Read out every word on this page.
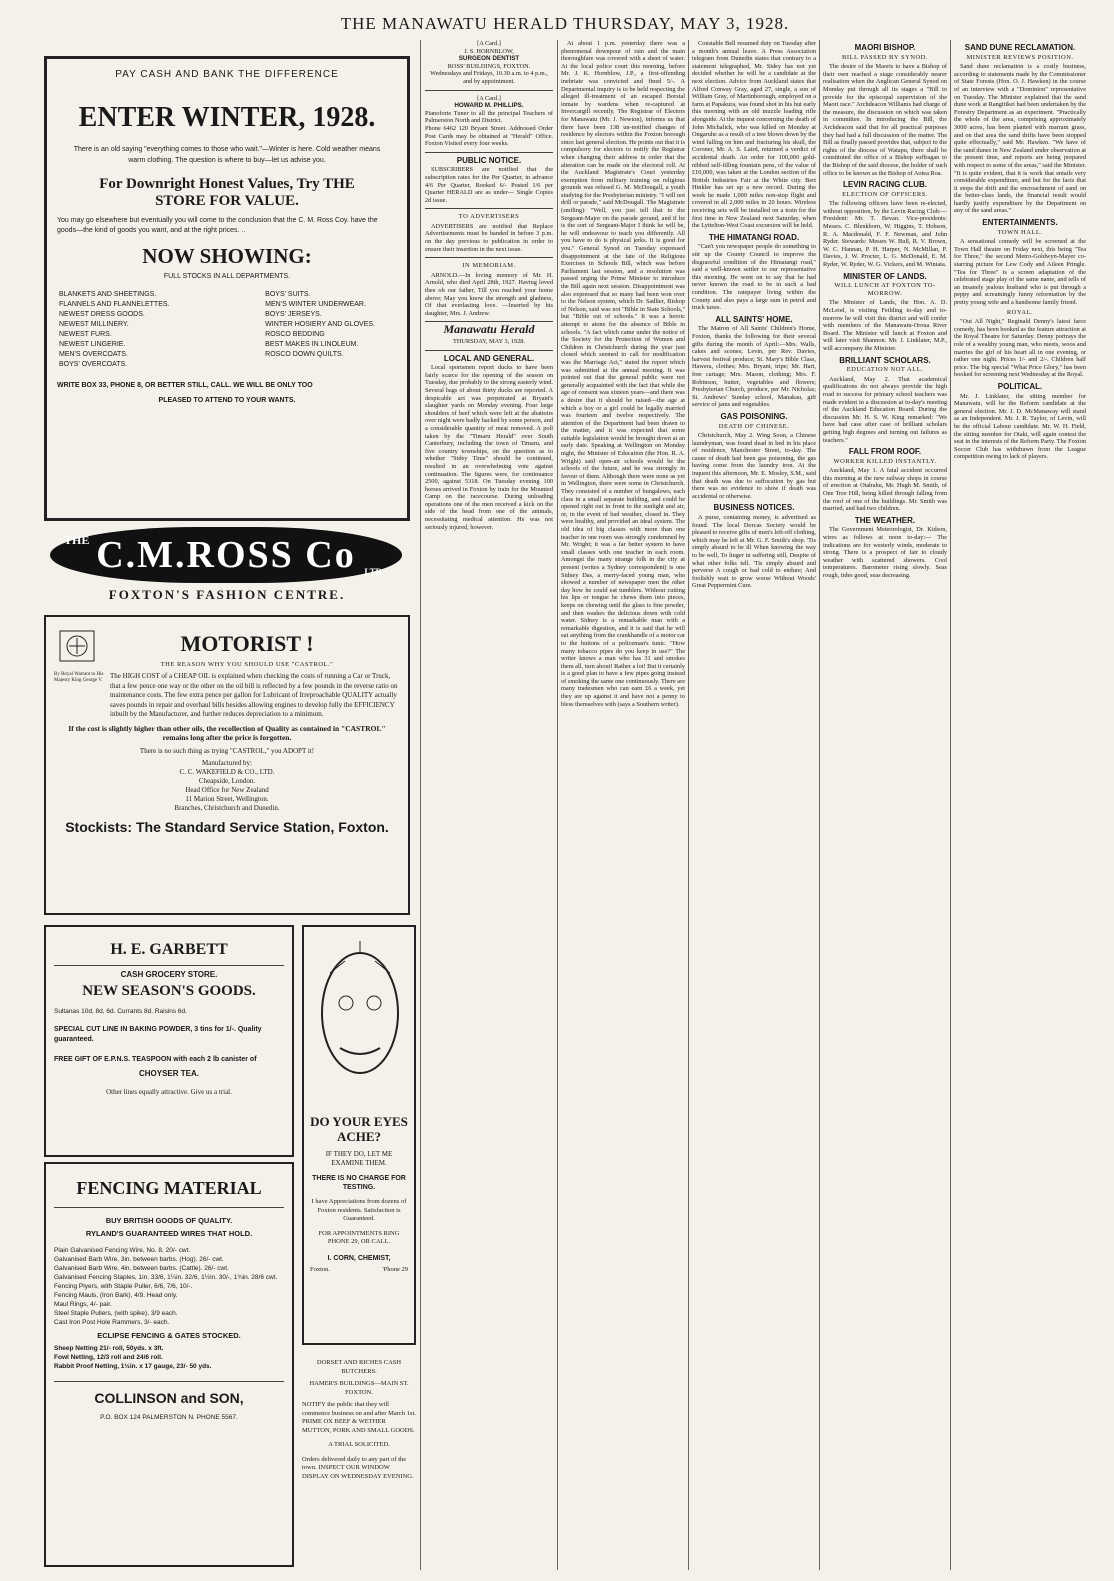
THE MANAWATU HERALD THURSDAY, MAY 3, 1928.
PAY CASH AND BANK THE DIFFERENCE
ENTER WINTER, 1928.
There is an old saying "everything comes to those who wait."—Winter is here. Cold weather means warm clothing. The question is where to buy—let us advise you.
For Downright Honest Values, Try THE
STORE FOR VALUE.
You may go elsewhere but eventually you will come to the conclusion that the C. M. Ross Coy. have the goods—the kind of goods you want, and at the right prices. ..
NOW SHOWING:
FULL STOCKS IN ALL DEPARTMENTS.
BLANKETS AND SHEETINGS.
FLANNELS AND FLANNELETTES.
NEWEST DRESS GOODS.
NEWEST MILLINERY.
NEWEST FURS.
NEWEST LINGERIE.
MEN'S OVERCOATS.
BOYS' OVERCOATS.
BOYS' SUITS.
MEN'S WINTER UNDERWEAR.
BOYS' JERSEYS.
WINTER HOSIERY AND GLOVES.
ROSCO BEDDING
BEST MAKES IN LINOLEUM.
ROSCO DOWN QUILTS.
WRITE BOX 33, PHONE 8, OR BETTER STILL, CALL. WE WILL BE ONLY TOO
PLEASED TO ATTEND TO YOUR WANTS.
THE C.M.ROSS Co LTD
FOXTON'S FASHION CENTRE.
By Royal Warrant to His Majesty King George V.
MOTORIST !
THE REASON WHY YOU SHOULD USE "CASTROL."
The HIGH COST of a CHEAP OIL is explained when checking the costs of running a Car or Truck, that a few pence one way or the other on the oil bill is reflected by a few pounds in the reverse ratio on maintenance costs. The few extra pence per gallon for Lubricant of Irreproachable QUALITY actually saves pounds in repair and overhaul bills besides allowing engines to develop fully the EFFICIENCY inbuilt by the Manufacturer, and further reduces depreciation to a minimum.
If the cost is slightly higher than other oils, the recollection of Quality as contained in "CASTROL" remains long after the price is forgotten.
There is no such thing as trying "CASTROL," you ADOPT it!
Manufactured by:
C. C. WAKEFIELD & CO., LTD.
Cheapside, London.
Head Office for New Zealand
11 Marion Street, Wellington.
Branches, Christchurch and Dunedin.
Stockists: The Standard Service Station, Foxton.
H. E. GARBETT
CASH GROCERY STORE.
NEW SEASON'S GOODS.
Sultanas 10d, 8d, 6d. Currants 8d. Raisins 6d.
SPECIAL CUT LINE IN BAKING POWDER, 3 tins for 1/-. Quality guaranteed.
FREE GIFT OF E.P.N.S. TEASPOON with each 2 lb canister of
CHOYSER TEA.
Other lines equally attractive. Give us a trial.
FENCING MATERIAL
BUY BRITISH GOODS OF QUALITY.
RYLAND'S GUARANTEED WIRES THAT HOLD.
Plain Galvanised Fencing Wire, No. 8, 20/- cwt.
Galvanised Barb Wire, 3in. between barbs. (Hog). 26/- cwt.
Galvanised Barb Wire, 4in. between barbs. (Cattle). 26/- cwt.
Galvanised Fencing Staples, 1in. 33/6, 1¼in. 32/6, 1½in. 30/-, 1¾in. 28/6 cwt.
Fencing Plyers, with Staple Puller, 6/6, 7/6, 10/-.
Fencing Mauls, (Iron Bark), 4/9. Head only.
Maul Rings, 4/- pair.
Steel Staple Pullers, (with spike), 3/9 each.
Cast Iron Post Hole Rammers, 3/- each.
ECLIPSE FENCING & GATES STOCKED.
Sheep Netting 21/- roll, 50yds. x 3ft.
Fowl Netting, 12/3 roll and 24/6 roll.
Rabbit Proof Netting, 1½in. x 17 gauge, 23/- 50 yds.
COLLINSON and SON,
P.O. BOX 124 PALMERSTON N. PHONE 5567.
DO YOUR EYES ACHE?
IF THEY DO, LET ME EXAMINE THEM.
THERE IS NO CHARGE FOR TESTING.
I have Appreciations from dozens of Foxton residents. Satisfaction is Guaranteed.
FOR APPOINTMENTS RING PHONE 29, OR CALL.
I. CORN, CHEMIST,
Foxton.	'Phone 29
DORSET AND RICHES CASH BUTCHERS.
HAMER'S BUILDINGS—MAIN ST. FOXTON.
NOTIFY the public that they will commence business on and after March 1st. PRIME OX BEEF & WETHER MUTTON, PORK AND SMALL GOODS.
A TRIAL SOLICITED.
Orders delivered daily to any part of the town. INSPECT OUR WINDOW DISPLAY ON WEDNESDAY EVENING.
[A Card.]
J. S. HORNBLOW,
SURGEON DENTIST
ROSS' BUILDINGS, FOXTON.
Wednesdays and Fridays, 10.30 a.m. to 4 p.m., and by appointment.
[A Card.]
HOWARD M. PHILLIPS.
Pianoforte Tuner to all the principal Teachers of Palmerston North and District.
Phone 6462 120 Bryant Street. Addressed Order Post Cards may be obtained at "Herald" Office. Foxton Visited every four weeks.
PUBLIC NOTICE.

SUBSCRIBERS are notified that the subscription rates for the Per Quarter, in advance 4/6 Per Quarter, Booked 6/- Posted 1/6 per Quarter HERALD are as under— Single Copies 2d issue.

TO ADVERTISERS

ADVERTISERS are notified that Replace Advertisements must be handed in before 3 p.m. on the day previous to publication in order to ensure their insertion in the next issue.

IN MEMORIAM.

ARNOLD.—In loving memory of Mr. H. Arnold, who died April 28th, 1927. Having loved thee oh our father, Till you reached your home above; May you know the strength and gladness, Of that everlasting love. —Inserted by his daughter, Mrs. J. Andrew.

Manawatu Herald
THURSDAY, MAY 3, 1928.
LOCAL AND GENERAL.

Local sportsmen report ducks to have been fairly scarce for the opening of the season on Tuesday, due probably to the strong easterly wind. Several bags of about thirty ducks are reported. A despicable act was perpetrated at Bryant's slaughter yards on Monday evening. Four large shoulders of beef which were left at the abattoirs over night were badly hacked by some person, and a considerable quantity of meat removed. A poll taken by the "Timaru Herald" over South Canterbury, including the town of Timaru, and five country townships, on the question as to whether "Sidey Time" should be continued, resulted in an overwhelming vote against continuation. The figures were, for continuance 2500, against 5318. On Tuesday evening 100 horses arrived in Foxton by train for the Mounted Camp on the racecourse. During unloading operations one of the men received a kick on the side of the head from one of the animals, necessitating medical attention. He was not seriously injured, however.

At about 1 p.m. yesterday there was a phenomenal downpour of rain and the main thoroughfare was covered with a sheet of water. At the local police court this morning, before Mr. J. K. Hornblow, J.P., a first-offending inebriate was convicted and fined 5/-. A Departmental inquiry is to be held respecting the alleged ill-treatment of an escaped Borstal inmate by wardens when re-captured at Invercargill recently. The Registrar of Electors for Manawatu (Mr. J. Newton), informs us that there have been 138 un-notified changes of residence by electors within the Foxton borough since last general election. He points out that it is compulsory for electors to notify the Registrar when changing their address in order that the alteration can be made on the electoral roll. At the Auckland Magistrate's Court yesterday exemption from military training on religious grounds was refused G. M. McDougall, a youth studying for the Presbyterian ministry. "I will not drill or parade," said McDougall. The Magistrate (smiling): "Well, you just tell that to the Sergeant-Major on the parade ground, and if he is the sort of Sergeant-Major I think he will be, he will endeavour to teach you differently. All you have to do is physical jerks. It is good for you." General Synod on Tuesday expressed disappointment at the fate of the Religious Exercises in Schools Bill, which was before Parliament last session, and a resolution was passed urging the Prime Minister to introduce the Bill again next session. Disappointment was also expressed that so many had been won over to the Nelson system, which Dr. Sadlier, Bishop of Nelson, said was not "Bible in State Schools," but "Bible out of schools." It was a heroic attempt to atone for the absence of Bible in schools. "A fact which came under the notice of the Society for the Protection of Women and Children in Christchurch during the year just closed which seemed to call for modification was the Marriage Act," stated the report which was submitted at the annual meeting. It was pointed out that the general public were not generally acquainted with the fact that while the age of consent was sixteen years—and there was a desire that it should be raised—the age at which a boy or a girl could be legally married was fourteen and twelve respectively. The attention of the Department had been drawn to the matter, and it was expected that some suitable legislation would be brought down at an early date. Speaking at Wellington on Monday night, the Minister of Education (the Hon. R. A. Wright) said open-air schools would be the schools of the future, and he was strongly in favour of them. Although there were none as yet in Wellington, there were some in Christchurch. They consisted of a number of bungalows, each class in a small separate building, and could be opened right out in front to the sunlight and air, or, in the event of bad weather, closed in. They were healthy, and provided an ideal system. The old idea of big classes with more than one teacher in one room was strongly condemned by Mr. Wright; it was a far better system to have small classes with one teacher in each room. Amongst the many strange folk in the city at present (writes a Sydney correspondent) is one Sidney Das, a merry-faced young man, who showed a number of newspaper men the other day how he could eat tumblers. Without cutting his lips or tongue he chews them into pieces, keeps on chewing until the glass is fine powder, and then washes the delicious down with cold water. Sidney is a remarkable man with a remarkable digestion, and it is said that he will eat anything from the crankhandle of a motor car to the buttons of a policeman's tunic. "How many tobacco pipes do you keep in use?" The writer knows a man who has 31 and smokes them all, turn about! Rather a lot! But it certainly is a good plan to have a few pipes going instead of smoking the same one continuously. There are many tradesmen who can earn £6 a week, yet they are up against it and have not a penny to bless themselves with (says a Southern writer).

Constable Bell resumed duty on Tuesday after a month's annual leave. A Press Association telegram from Dunedin states that contrary to a statement telegraphed, Mr. Sidey has not yet decided whether he will be a candidate at the next election. Advice from Auckland states that Alfred Conway Gray, aged 27, single, a son of William Gray, of Martinborough, employed on a farm at Papakura, was found shot in his hut early this morning with an old muzzle loading rifle alongside. At the inquest concerning the death of John Michalick, who was killed on Monday at Ongaruhe as a result of a tree blown down by the wind falling on him and fracturing his skull, the Coroner, Mr. A. S. Laird, returned a verdict of accidental death. An order for 100,000 gold-nibbed self-filling fountain pens, of the value of £10,000, was taken at the London section of the British Industries Fair at the White city. Bert Hinkler has set up a new record. During the week he made 1,000 miles non-stop flight and covered in all 2,000 miles in 20 hours. Wireless receiving sets will be installed on a train for the first time in New Zealand next Saturday, when the Lyttelton-West Coast excursion will be held.

THE HIMATANGI ROAD.

"Can't you newspaper people do something to stir up the County Council to improve the disgraceful condition of the Himatangi road," said a well-known settler to our representative this morning. He went on to say that he had never known the road to be in such a bad condition. The ratepayer living within the County and also pays a large sum in petrol and truck taxes.

ALL SAINTS' HOME.

The Matron of All Saints' Children's Home, Foxton, thanks the following for their several gifts during the month of April:—Mrs. Walls, cakes and scones; Levin, per Rev. Davies, harvest festival produce; St. Mary's Bible Class, Hawera, clothes; Mrs. Bryant, tripe; Mr. Hart, free cartage; Mrs. Mason, clothing; Mrs. F. Robinson, butter, vegetables and flowers; Presbyterian Church, produce, per Mr. Nicholas; St. Andrews' Sunday school, Manakau, gift service of jams and vegetables.

GAS POISONING.
DEATH OF CHINESE.

Christchurch, May 2. Wing Soon, a Chinese laundryman, was found dead in bed in his place of residence, Manchester Street, to-day. The cause of death had been gas poisoning, the gas having come from the laundry iron. At the inquest this afternoon, Mr. E. Mosley, S.M., said that death was due to suffocation by gas but there was no evidence to show if death was accidental or otherwise.

BUSINESS NOTICES.

A purse, containing money, is advertised as found. The local Dorcas Society would be pleased to receive gifts of men's left-off clothing, which may be left at Mr. G. F. Smith's shop. 'Tis simply absurd to be ill When knowing the way to be well, To linger in suffering still, Despite of what other folks tell. 'Tis simply absurd and perverse A cough or bad cold to endure; And foolishly wait to grow worse Without Woods' Great Peppermint Cure.

MAORI BISHOP.
BILL PASSED BY SYNOD.

The desire of the Maoris to have a Bishop of their own reached a stage considerably nearer realisation when the Anglican General Synod on Monday put through all its stages a "Bill to provide for the episcopal supervision of the Maori race." Archdeacon Williams had charge of the measure, the discussion on which was taken in committee. In introducing the Bill, the Archdeacon said that for all practical purposes they had had a full discussion of the matter. The Bill as finally passed provides that, subject to the rights of the diocese of Waiapu, there shall be constituted the office of a Bishop suffragan to the Bishop of the said diocese, the holder of such office to be known as the Bishop of Aotea Roa.

LEVIN RACING CLUB.
ELECTION OF OFFICERS.

The following officers have been re-elected, without opposition, by the Levin Racing Club:—President: Mr. T. Bevan. Vice-presidents: Messrs. C. Blenkhorn, W. Higgins, T. Hobson, R. A. Macdonald, F. F. Newman, and John Ryder. Stewards: Messrs W. Bull, R. V. Brown, W. C. Hannan, P. H. Harper, N. McMillan, P. Davies, J. W. Procter, L. G. McDonald, E. M. Ryder, W. Ryder, W. G. Vickers, and M. Winiata.

MINISTER OF LANDS.
WILL LUNCH AT FOXTON TO-MORROW.

The Minister of Lands, the Hon. A. D. McLeod, is visiting Feilding to-day and to-morrow he will visit this district and will confer with members of the Manawatu-Oroua River Board. The Minister will lunch at Foxton and will later visit Shannon. Mr. J. Linklater, M.P., will accompany the Minister.

BRILLIANT SCHOLARS.
EDUCATION NOT ALL.

Auckland, May 2. That academical qualifications do not always provide the high road to success for primary school teachers was made evident in a discussion at to-day's meeting of the Auckland Education Board. During the discussion Mr. H. S. W. King remarked: "We have had case after case of brilliant scholars getting high degrees and turning out failures as teachers."

FALL FROM ROOF.
WORKER KILLED INSTANTLY.

Auckland, May 1. A fatal accident occurred this morning at the new railway shops in course of erection at Otahuhu, Mr. Hugh M. Smith, of One Tree Hill, being killed through falling from the roof of one of the buildings. Mr. Smith was married, and had two children.

THE WEATHER.

The Government Meteorologist, Dr. Kidson, wires as follows at noon to-day:— The indications are for westerly winds, moderate to strong. There is a prospect of fair to cloudy weather with scattered showers. Cool temperatures. Barometer rising slowly. Seas rough, tides good, seas decreasing.

SAND DUNE RECLAMATION.
MINISTER REVIEWS POSITION.

Sand dune reclamation is a costly business, according to statements made by the Commissioner of State Forests (Hon. O. J. Hawken) in the course of an interview with a "Dominion" representative on Tuesday. The Minister explained that the sand dune work at Rangitikei had been undertaken by the Forestry Department as an experiment. "Practically the whole of the area, comprising approximately 3000 acres, has been planted with marram grass, and on that area the sand drifts have been stopped quite effectually," said Mr. Hawken. "We have of the sand dunes in New Zealand under observation at the present time, and reports are being prepared with respect to some of the areas," said the Minister. "It is quite evident, that it is work that entails very considerable expenditure, and but for the facts that it stops the drift and the encroachment of sand on the better-class lands, the financial result would hardly justify expenditure by the Department on any of the sand areas."

ENTERTAINMENTS.
TOWN HALL.

A sensational comedy will be screened at the Town Hall theatre on Friday next, this being "Tea for Three," the second Metro-Goldwyn-Mayer co-starring picture for Lew Cody and Aileen Pringle. "Tea for Three" is a screen adaptation of the celebrated stage play of the same name, and tells of an insanely jealous husband who is put through a peppy and screamingly funny reformation by the pretty young wife and a handsome family friend.

ROYAL.

"Out All Night," Reginald Denny's latest farce comedy, has been booked as the feature attraction at the Royal Theatre for Saturday. Denny portrays the role of a wealthy young man, who meets, woos and marries the girl of his heart all in one evening, or rather one night. Prices 1/- and 2/-. Children half price. The big special "What Price Glory," has been booked for screening next Wednesday at the Royal.

POLITICAL.

Mr. J. Linklater, the sitting member for Manawatu, will be the Reform candidate at the general election. Mr. J. D. McManaway will stand as an Independent. Mr. J. R. Taylor, of Levin, will be the official Labour candidate. Mr. W. H. Field, the sitting member for Otaki, will again contest the seat in the interests of the Reform Party. The Foxton Soccer Club has withdrawn from the League competition owing to lack of players.
